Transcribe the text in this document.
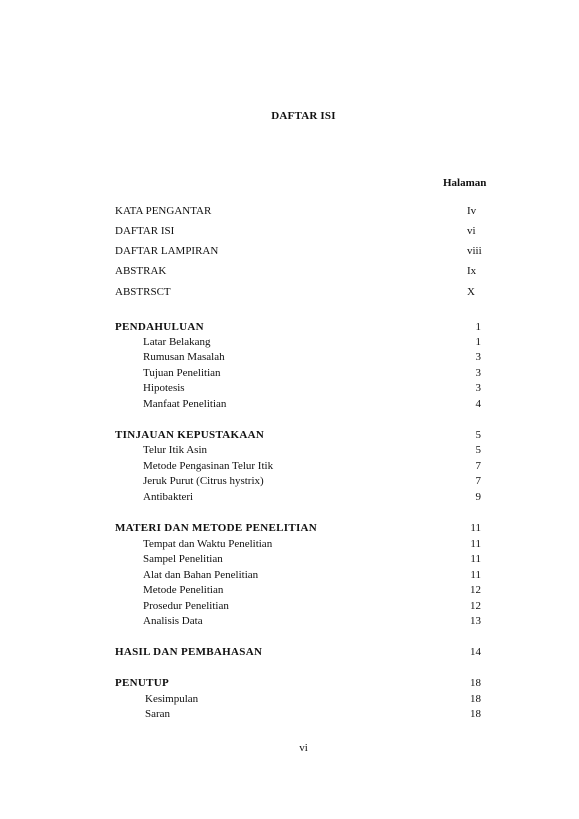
DAFTAR ISI
Halaman
KATA PENGANTAR	Iv
DAFTAR ISI	vi
DAFTAR LAMPIRAN	viii
ABSTRAK	Ix
ABSTRSCT	X
PENDAHULUAN	1
Latar Belakang	1
Rumusan Masalah	3
Tujuan Penelitian	3
Hipotesis	3
Manfaat Penelitian	4
TINJAUAN KEPUSTAKAAN	5
Telur Itik Asin	5
Metode Pengasinan Telur Itik	7
Jeruk Purut (Citrus hystrix)	7
Antibakteri	9
MATERI DAN METODE PENELITIAN	11
Tempat dan Waktu Penelitian	11
Sampel Penelitian	11
Alat dan Bahan Penelitian	11
Metode Penelitian	12
Prosedur Penelitian	12
Analisis Data	13
HASIL DAN PEMBAHASAN	14
PENUTUP	18
Kesimpulan	18
Saran	18
vi
